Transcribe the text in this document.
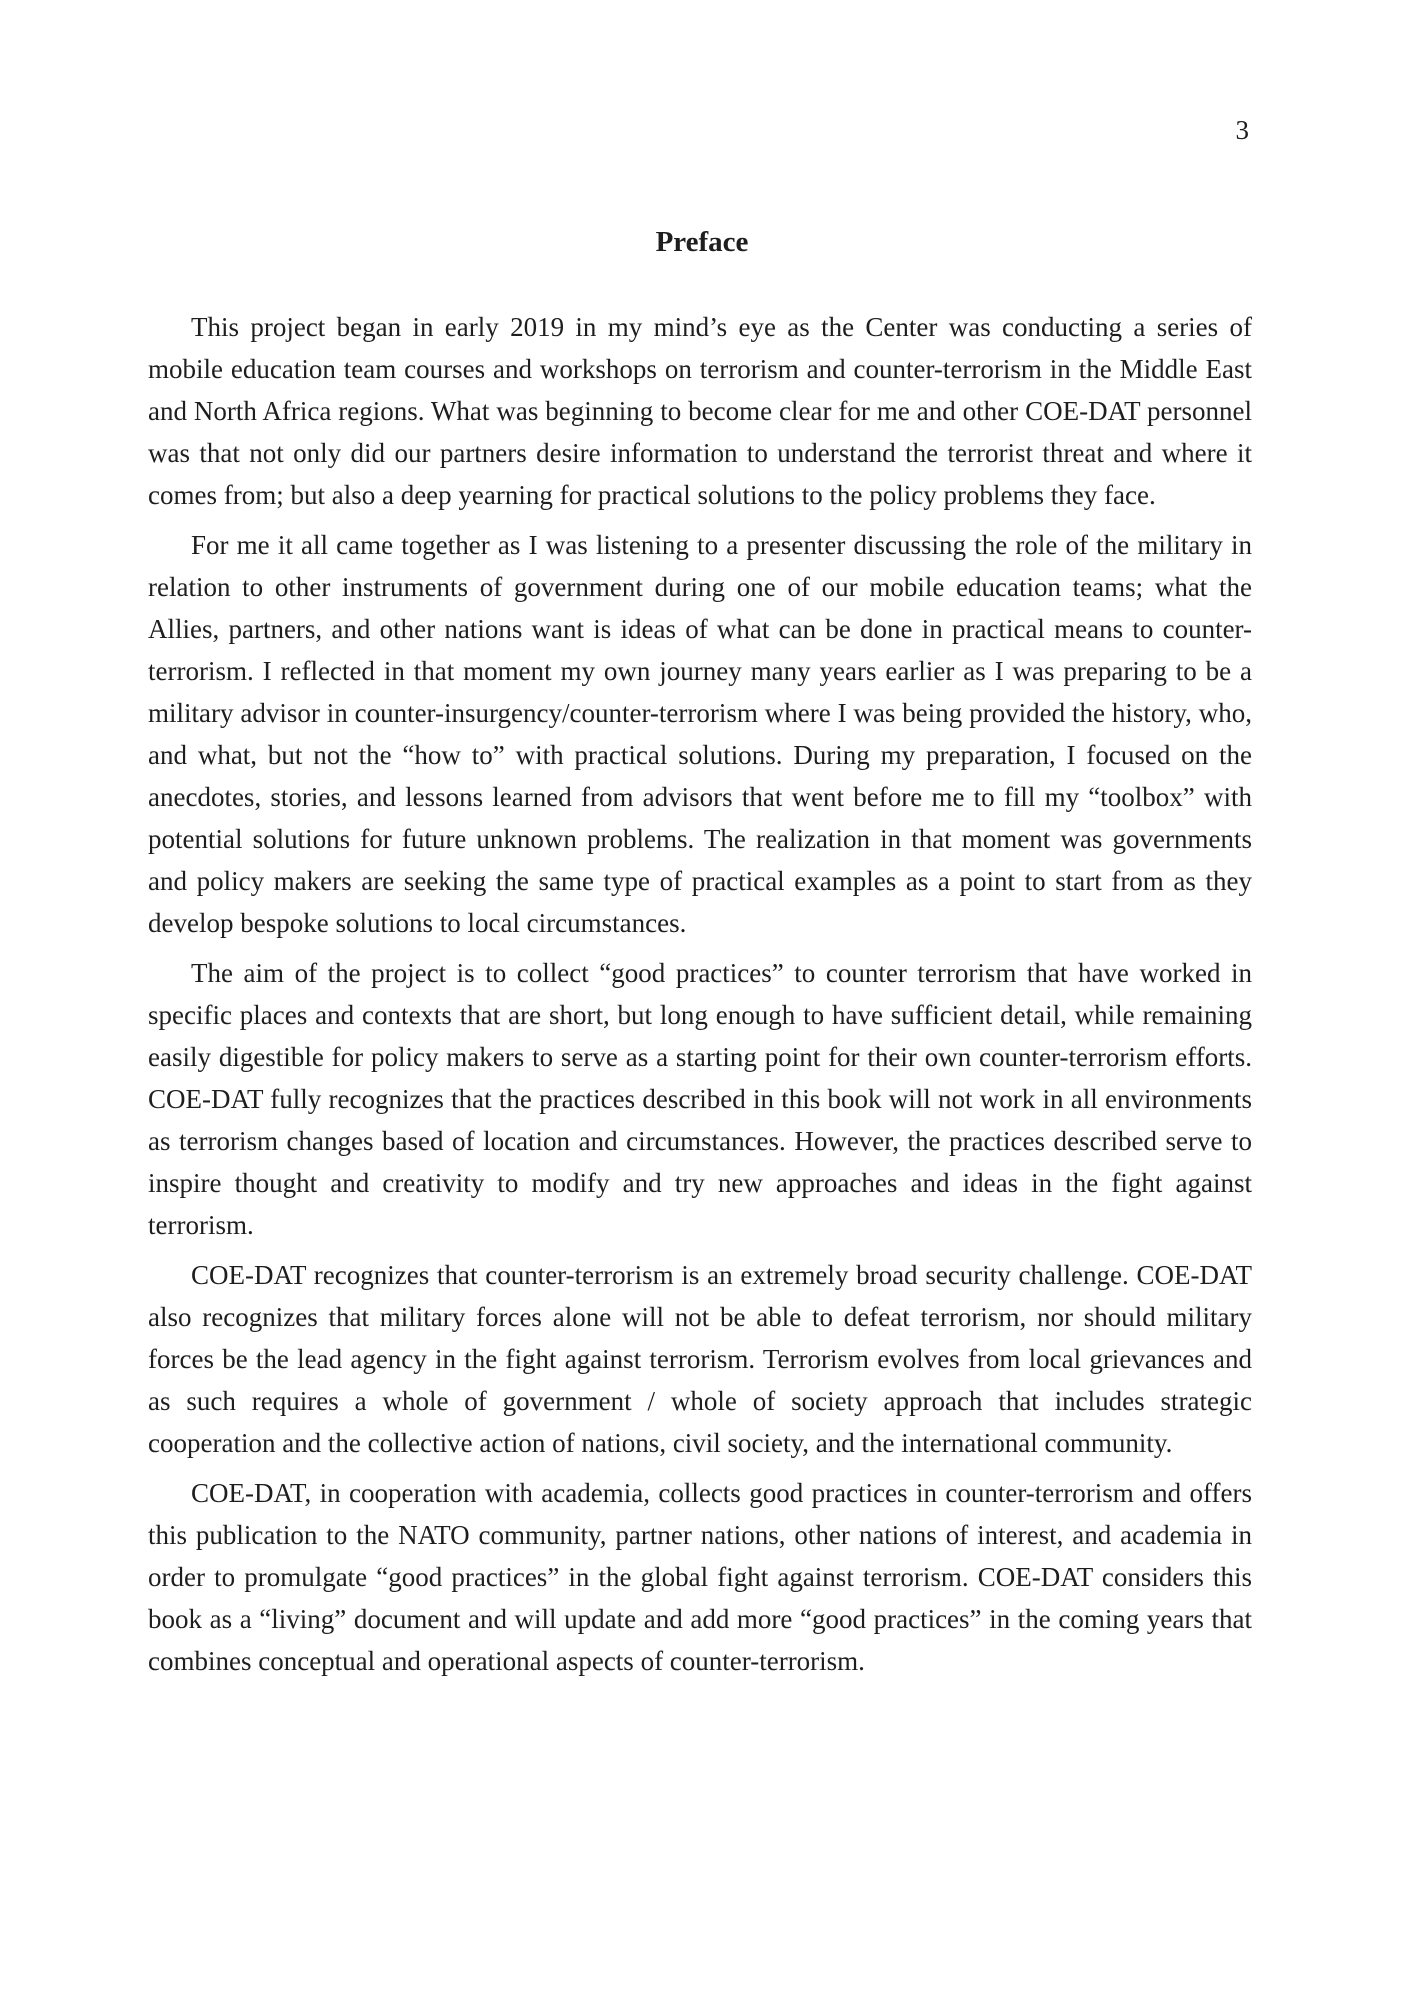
3
Preface

This project began in early 2019 in my mind’s eye as the Center was conducting a series of mobile education team courses and workshops on terrorism and counter-terrorism in the Middle East and North Africa regions. What was beginning to become clear for me and other COE-DAT personnel was that not only did our partners desire information to understand the terrorist threat and where it comes from; but also a deep yearning for practical solutions to the policy problems they face.

For me it all came together as I was listening to a presenter discussing the role of the military in relation to other instruments of government during one of our mobile education teams; what the Allies, partners, and other nations want is ideas of what can be done in practical means to counter-terrorism. I reflected in that moment my own journey many years earlier as I was preparing to be a military advisor in counter-insurgency/counter-terrorism where I was being provided the history, who, and what, but not the “how to” with practical solutions. During my preparation, I focused on the anecdotes, stories, and lessons learned from advisors that went before me to fill my “toolbox” with potential solutions for future unknown problems. The realization in that moment was governments and policy makers are seeking the same type of practical examples as a point to start from as they develop bespoke solutions to local circumstances.

The aim of the project is to collect “good practices” to counter terrorism that have worked in specific places and contexts that are short, but long enough to have sufficient detail, while remaining easily digestible for policy makers to serve as a starting point for their own counter-terrorism efforts. COE-DAT fully recognizes that the practices described in this book will not work in all environments as terrorism changes based of location and circumstances. However, the practices described serve to inspire thought and creativity to modify and try new approaches and ideas in the fight against terrorism.

COE-DAT recognizes that counter-terrorism is an extremely broad security challenge. COE-DAT also recognizes that military forces alone will not be able to defeat terrorism, nor should military forces be the lead agency in the fight against terrorism. Terrorism evolves from local grievances and as such requires a whole of government / whole of society approach that includes strategic cooperation and the collective action of nations, civil society, and the international community.

COE-DAT, in cooperation with academia, collects good practices in counter-terrorism and offers this publication to the NATO community, partner nations, other nations of interest, and academia in order to promulgate “good practices” in the global fight against terrorism. COE-DAT considers this book as a “living” document and will update and add more “good practices” in the coming years that combines conceptual and operational aspects of counter-terrorism.
